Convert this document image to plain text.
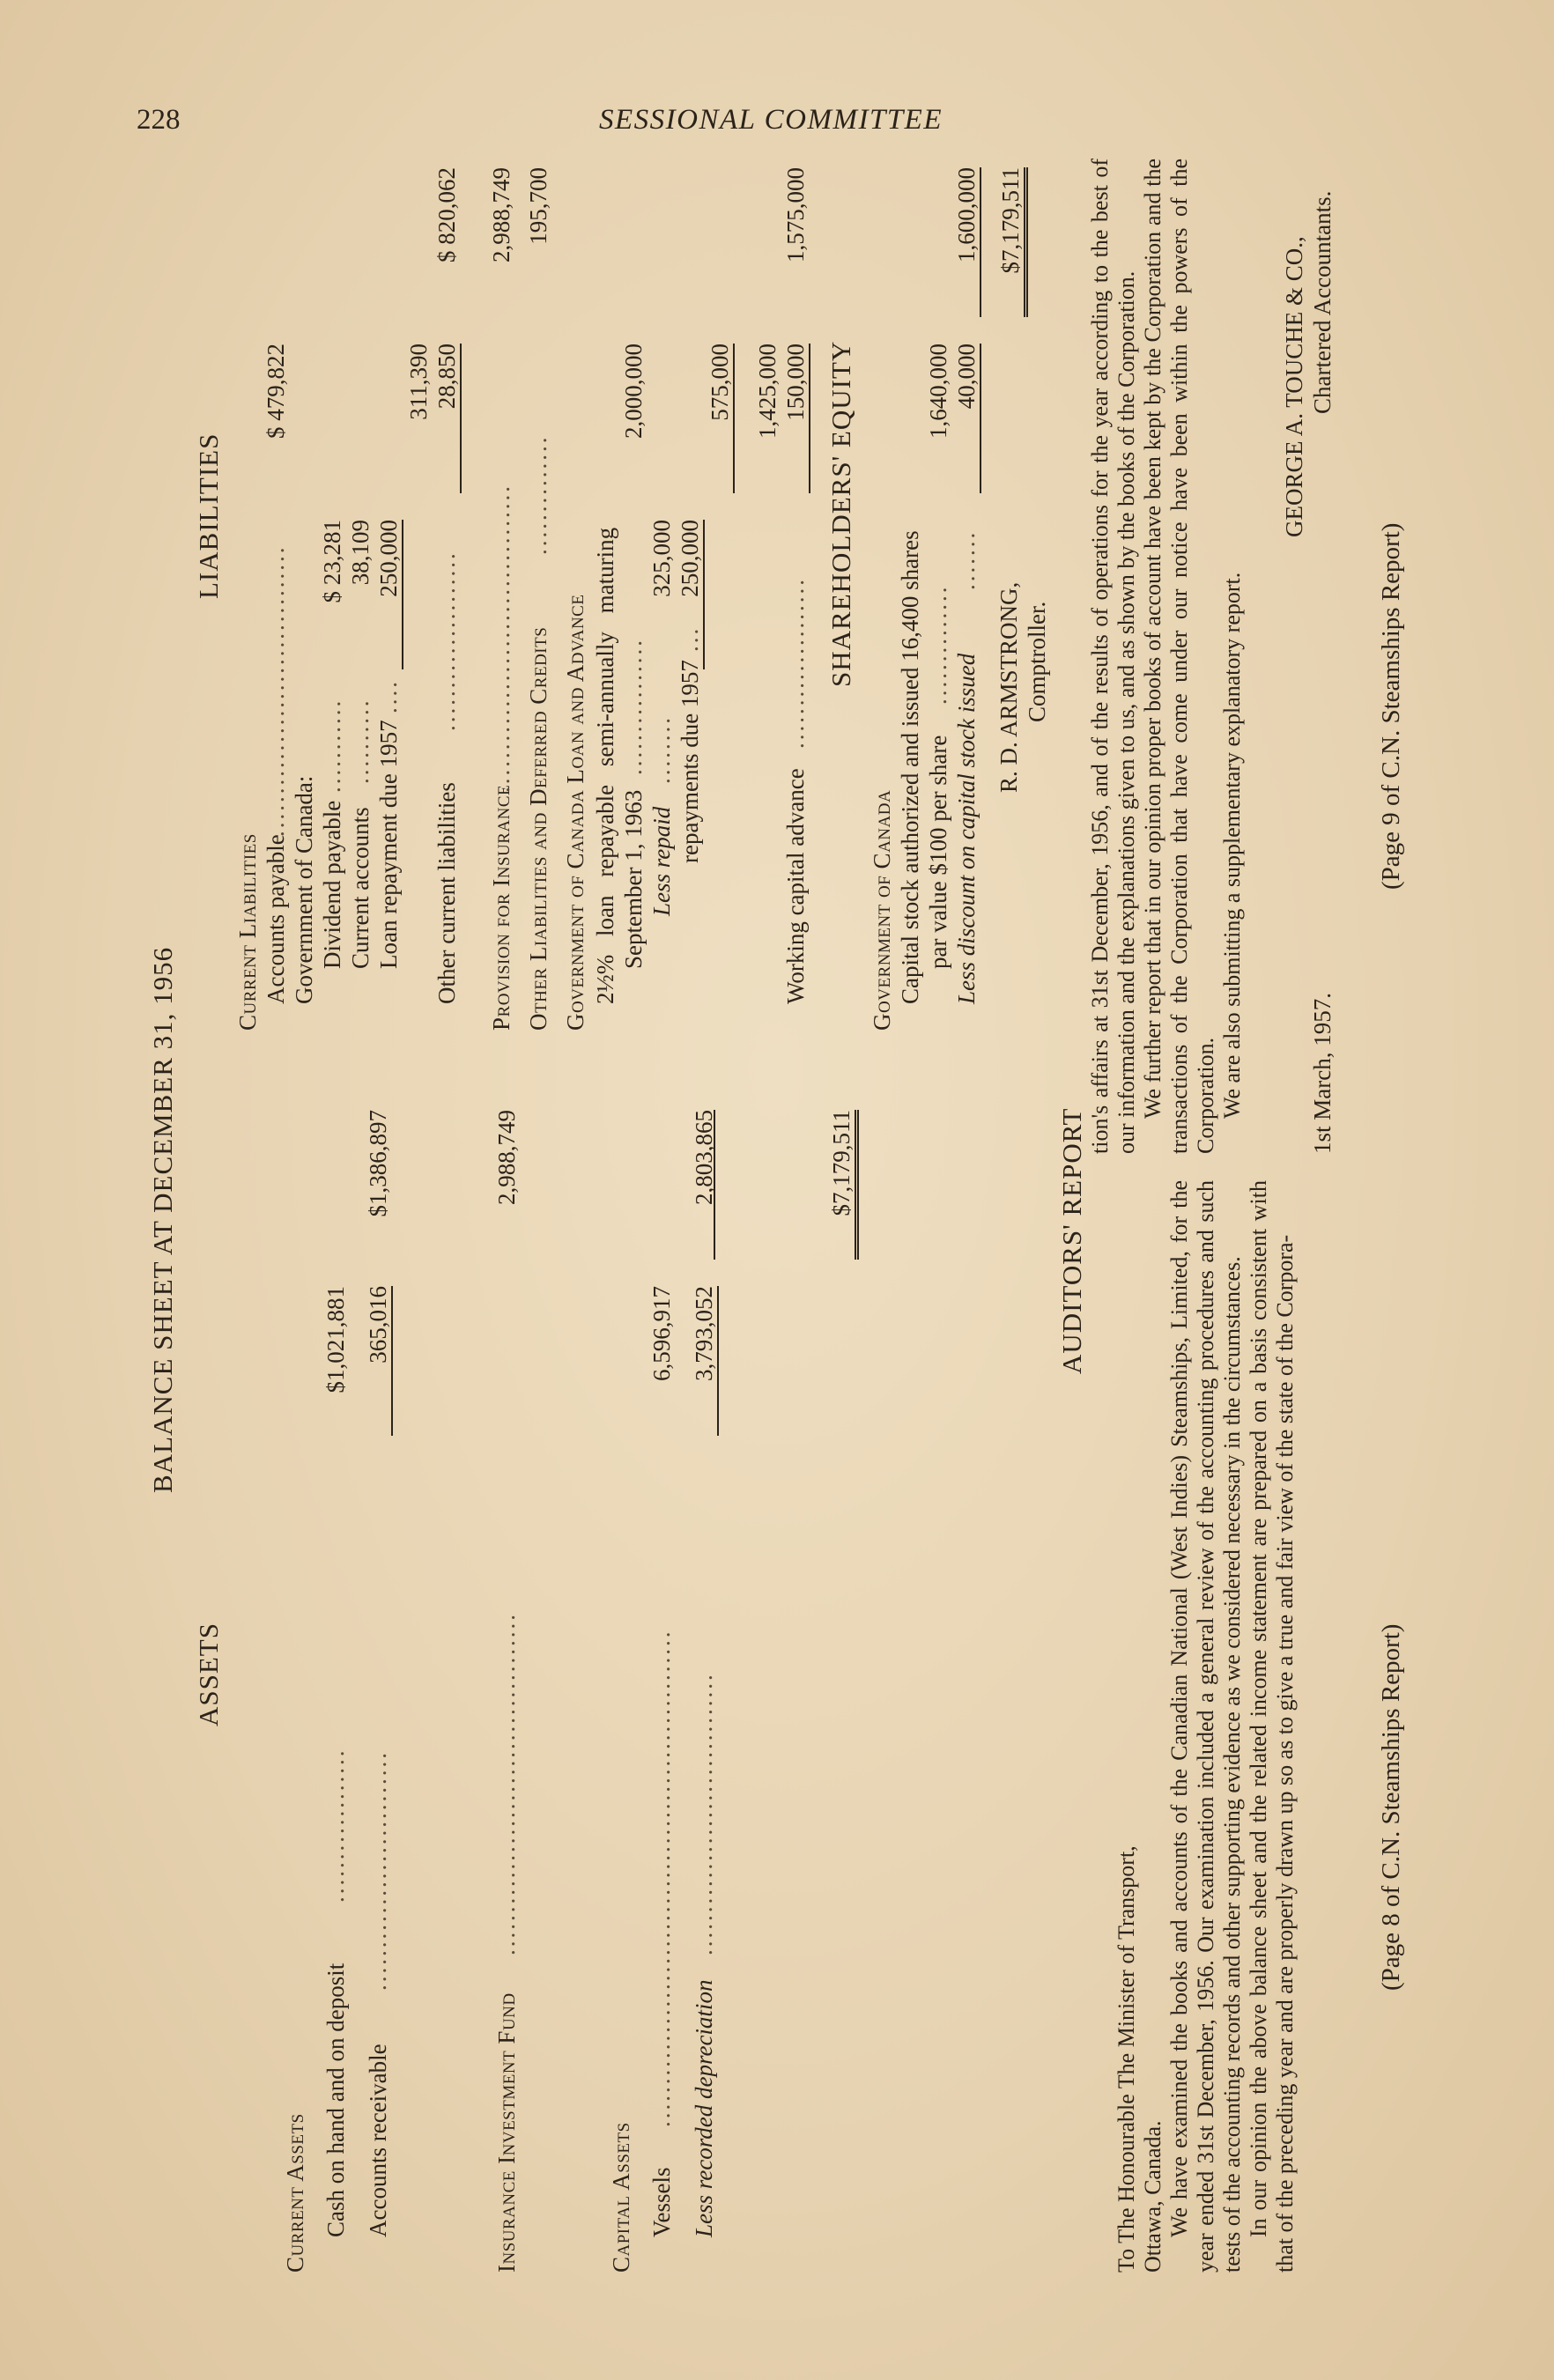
228	SESSIONAL COMMITTEE
BALANCE SHEET AT DECEMBER 31, 1956
ASSETS
LIABILITIES
Current Assets Cash on hand and on deposit
..................
$1,021,881
Accounts receivable
............................
365,016
$1,386,897
Insurance Investment Fund
........................................
2,988,749
Capital Assets Vessels
..........................................................
6,596,917
Less recorded depreciation
.................................
3,793,052
2,803,865	$7,179,511
Current Liabilities Accounts payable
..................................
$ 479,822
Government of Canada: Dividend payable
...........
$ 23,281
Current accounts
..........
38,109
Loan repayment due 1957
....
250,000
311,390
Other current liabilities
.....................
28,850
$ 820,062
Provision for Insurance
....................................
2,988,749
Other Liabilities and Deferred Credits
..............
195,700
Government of Canada Loan and Advance 2½% loan repayable semi-annually maturing September 1, 1963
................
2,000,000
Less repaid
........
325,000
repayments due 1957
...
250,000
575,000 1,425,000
Working capital advance
....................
150,000
1,575,000
SHAREHOLDERS' EQUITY
Government of Canada Capital stock authorized and issued 16,400 shares par value $100 per share
..............
1,640,000
Less discount on capital stock issued
.......
40,000
1,600,000 $7,179,511
R. D. ARMSTRONG, Comptroller.
AUDITORS' REPORT

To The Honourable The Minister of Transport, Ottawa, Canada. We have examined the books and accounts of the Canadian National (West Indies) Steamships, Limited, for the year ended 31st December, 1956. Our examination included a general review of the accounting procedures and such tests of the accounting records and other supporting evidence as we considered necessary in the circumstances. In our opinion the above balance sheet and the related income statement are prepared on a basis consistent with that of the preceding year and are properly drawn up so as to give a true and fair view of the state of the Corpora-

tion's affairs at 31st December, 1956, and of the results of operations for the year according to the best of our information and the explanations given to us, and as shown by the books of the Corporation. We further report that in our opinion proper books of account have been kept by the Corporation and the transactions of the Corporation that have come under our notice have been within the powers of the Corporation. We are also submitting a supplementary explanatory report.

GEORGE A. TOUCHE & CO., Chartered Accountants.
1st March, 1957.
(Page 8 of C.N. Steamships Report)
(Page 9 of C.N. Steamships Report)
